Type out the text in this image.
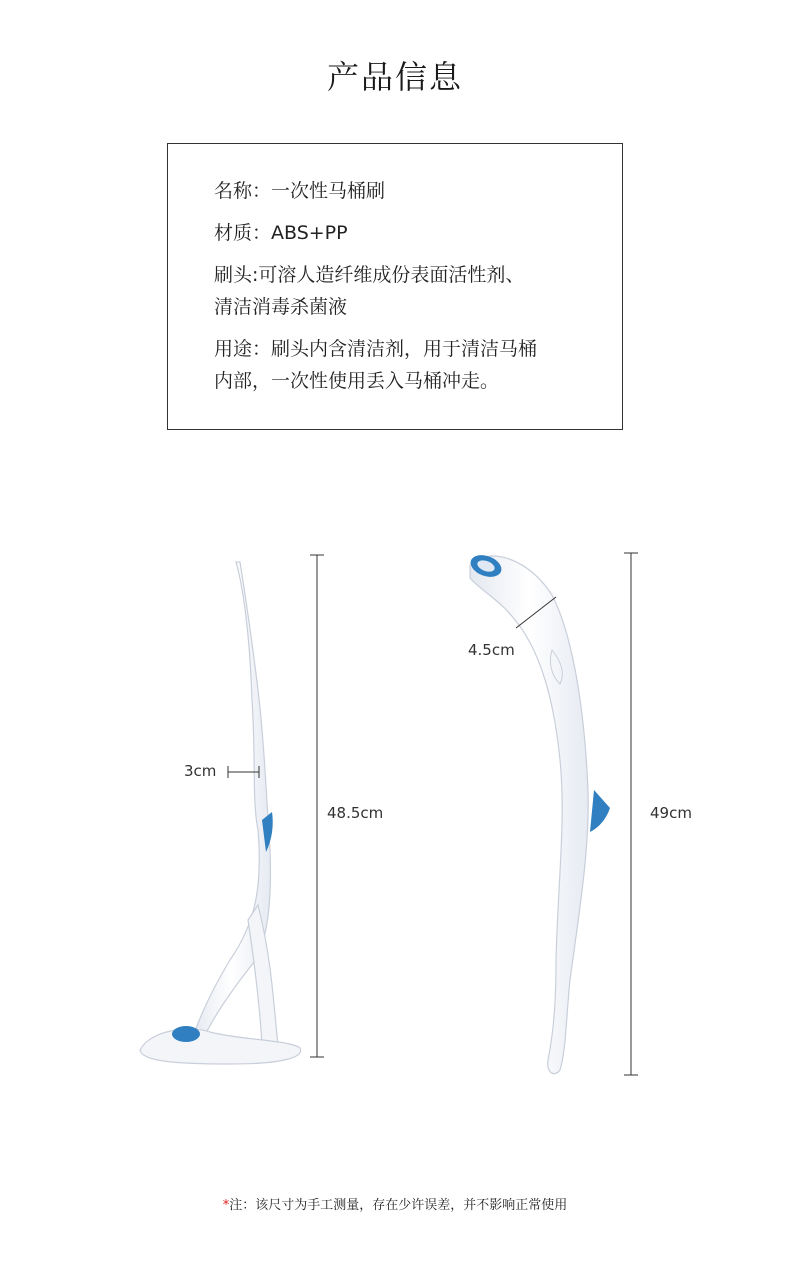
产品信息
名称：一次性马桶刷
材质：ABS+PP
刷头:可溶人造纤维成份表面活性剂、
清洁消毒杀菌液
用途：刷头内含清洁剂，用于清洁马桶
内部，一次性使用丢入马桶冲走。
3cm
48.5cm
4.5cm
49cm
*注：该尺寸为手工测量，存在少许误差，并不影响正常使用
